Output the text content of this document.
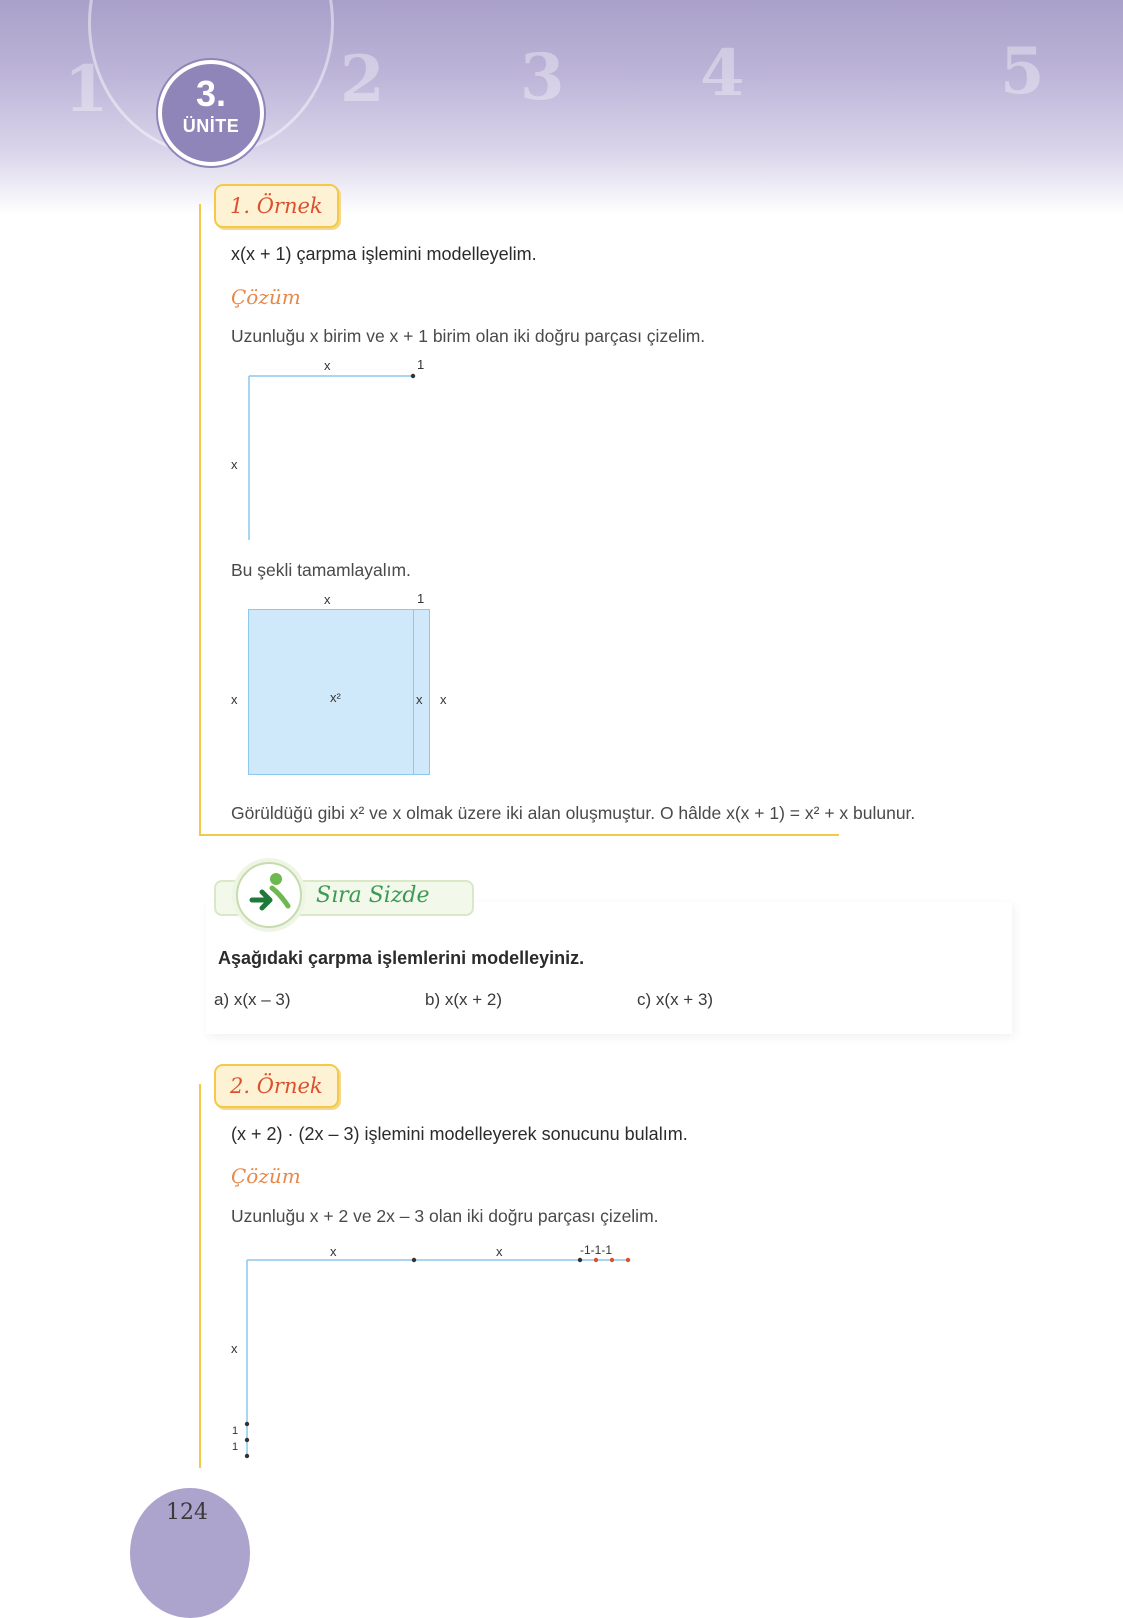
1	2 3 4	5
3.
ÜNİTE
1. Örnek
x(x + 1) çarpma işlemini modelleyelim.
Çözüm
Uzunluğu x birim ve x + 1 birim olan iki doğru parçası çizelim.
x	1
x
Bu şekli tamamlayalım.
x	1
x	x²	x x
Görüldüğü gibi x² ve x olmak üzere iki alan oluşmuştur. O hâlde x(x + 1) = x² + x bulunur.
Sıra Sizde
Aşağıdaki çarpma işlemlerini modelleyiniz.
a) x(x – 3)	b) x(x + 2)	c) x(x + 3)
2. Örnek
(x + 2) · (2x – 3) işlemini modelleyerek sonucunu bulalım.
Çözüm
Uzunluğu x + 2 ve 2x – 3 olan iki doğru parçası çizelim.
x	x	-1-1-1
x
1
1
124
